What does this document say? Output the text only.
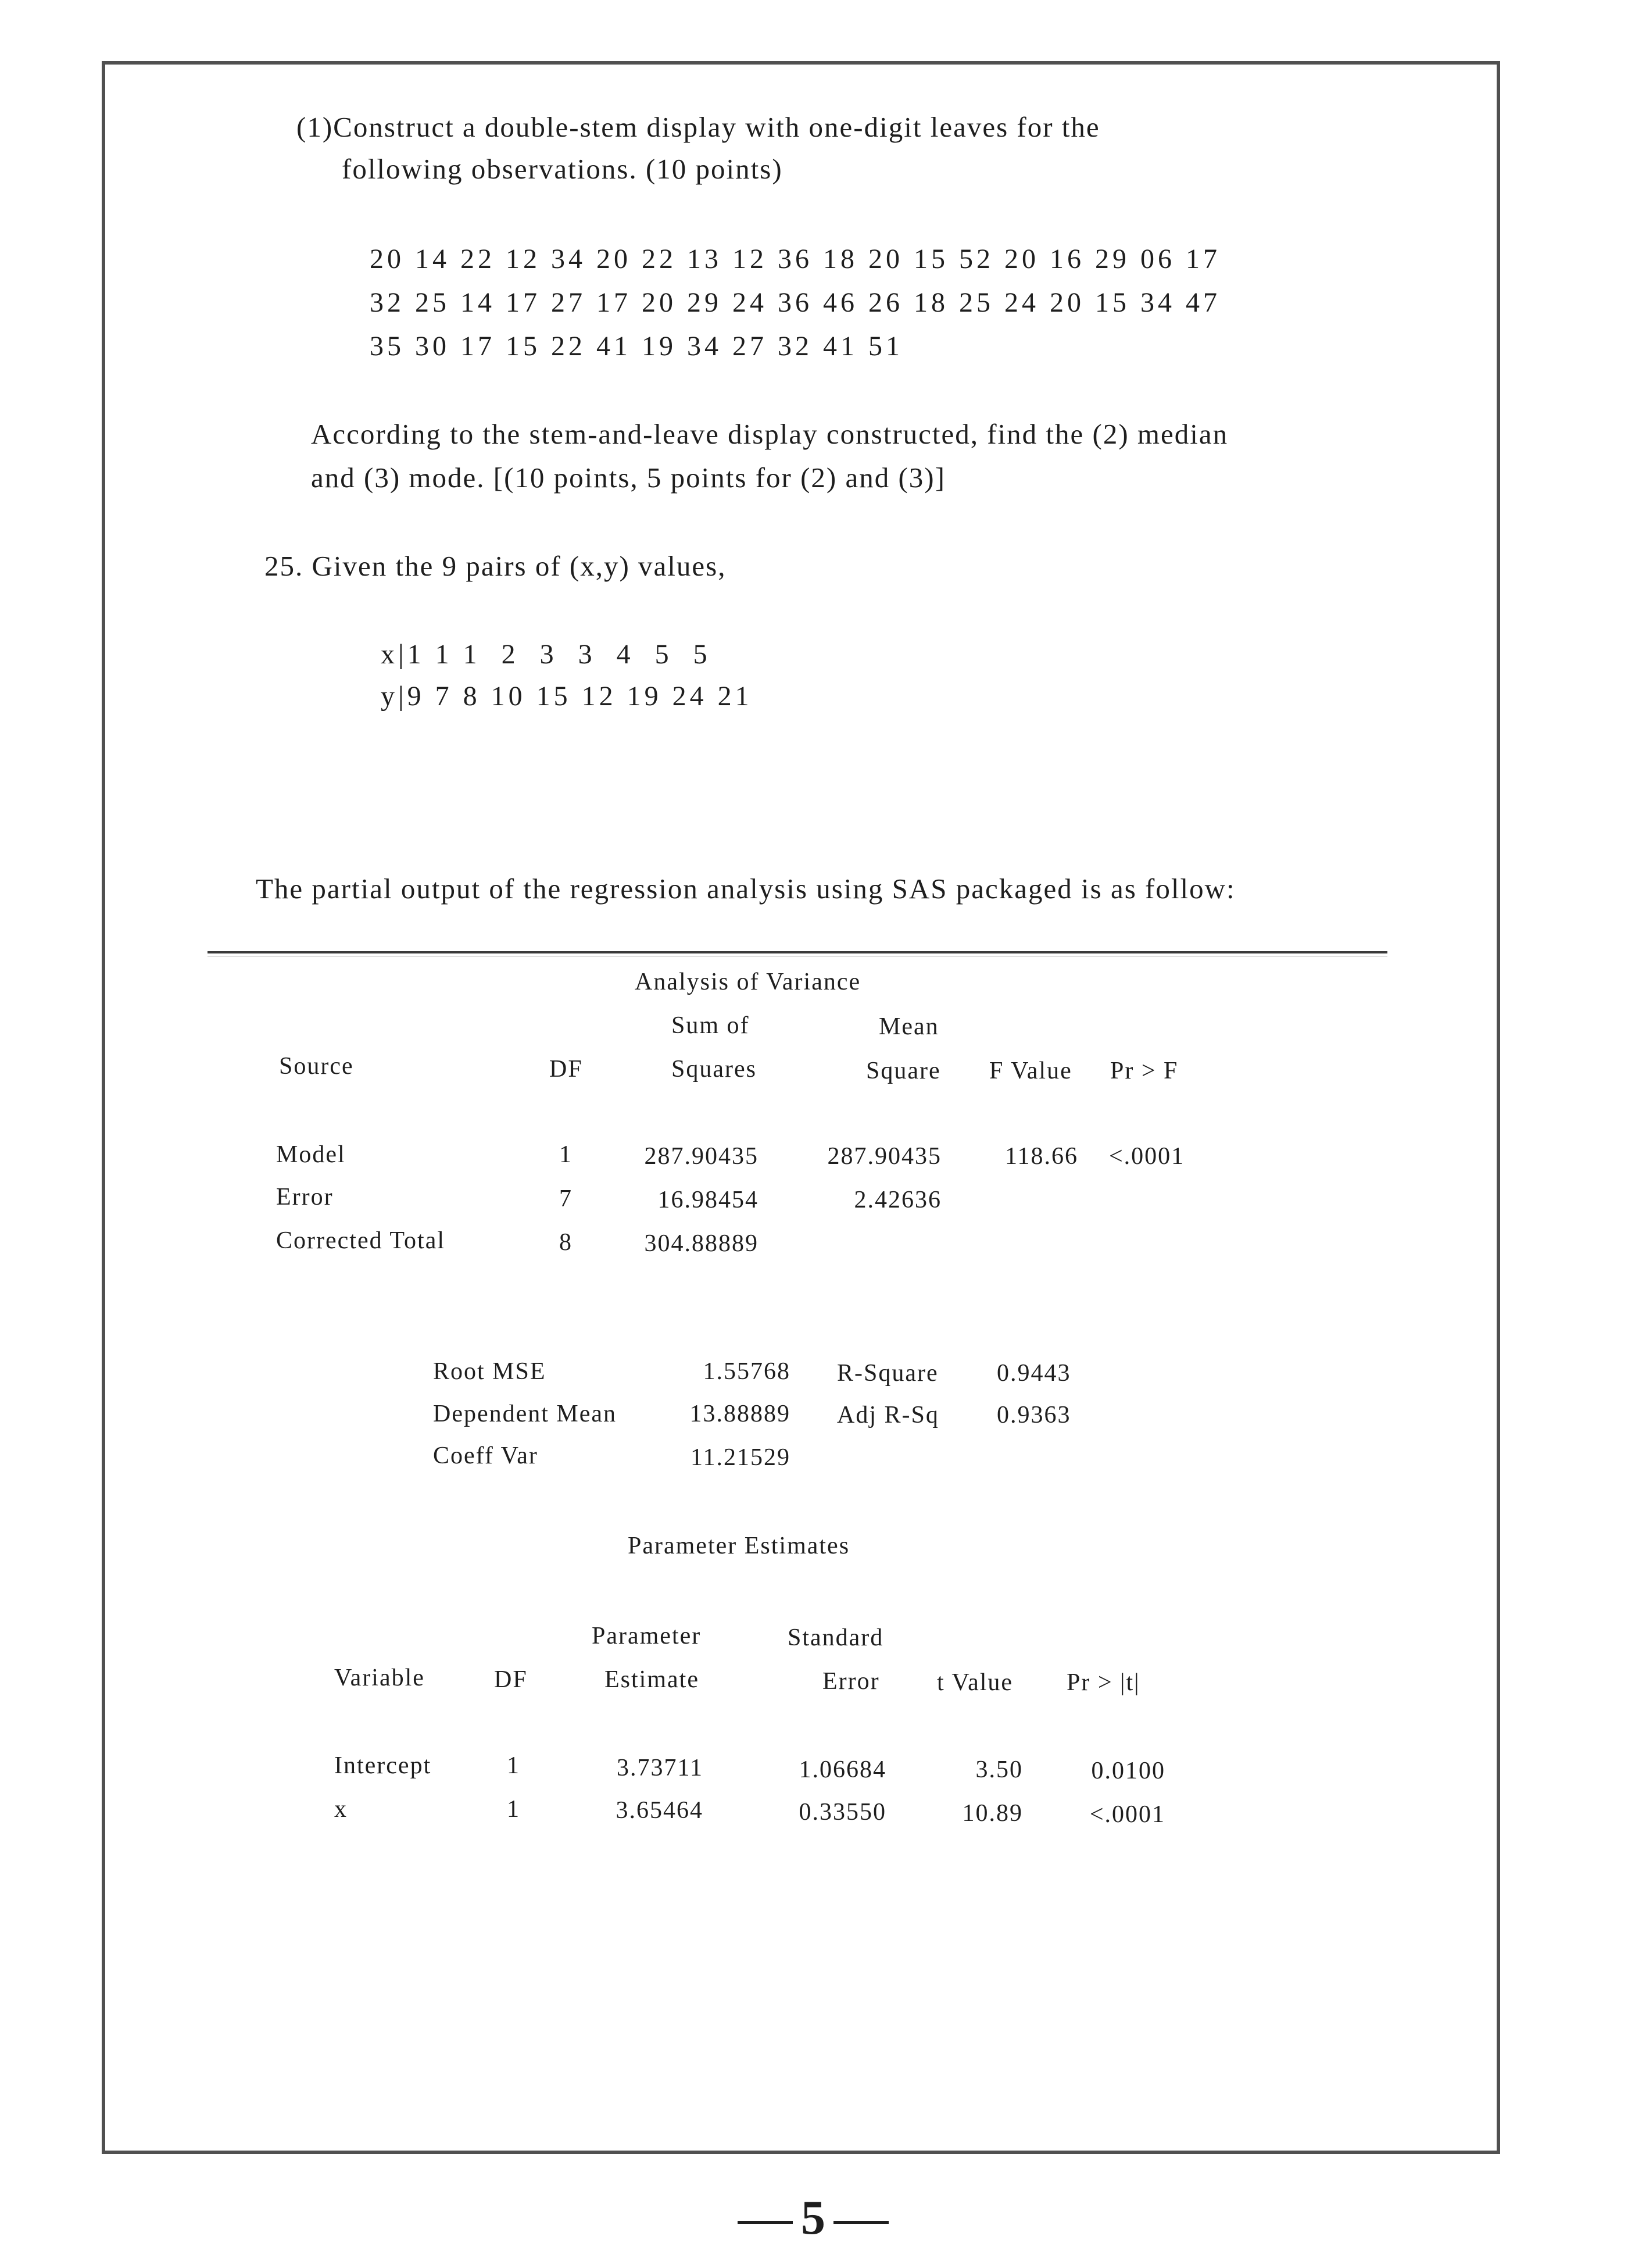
(1)Construct a double-stem display with one-digit leaves for the
following observations. (10 points)
20 14 22 12 34 20 22 13 12 36 18 20 15 52 20 16 29 06 17
32 25 14 17 27 17 20 29 24 36 46 26 18 25 24 20 15 34 47
35 30 17 15 22 41 19 34 27 32 41 51
According to the stem-and-leave display constructed, find the (2) median
and (3) mode. [(10 points, 5 points for (2) and (3)]
25. Given the 9 pairs of (x,y) values,
x|1 1 1  2  3  3  4  5  5
y|9 7 8 10 15 12 19 24 21
The partial output of the regression analysis using SAS packaged is as follow:
Analysis of Variance
Sum of	Mean
Source	DF	Squares	Square F Value Pr > F
Model	1	287.90435	287.90435	118.66 <.0001
Error	7	16.98454	2.42636
Corrected Total	8	304.88889
Root MSE	1.55768 R-Square 0.9443
Dependent Mean	13.88889 Adj R-Sq 0.9363
Coeff Var	11.21529
Parameter Estimates
Parameter	Standard
Variable	DF	Estimate	Error t Value Pr > |t|
Intercept	1	3.73711	1.06684	3.50	0.0100
x	1	3.65464	0.33550	10.89	<.0001
5
